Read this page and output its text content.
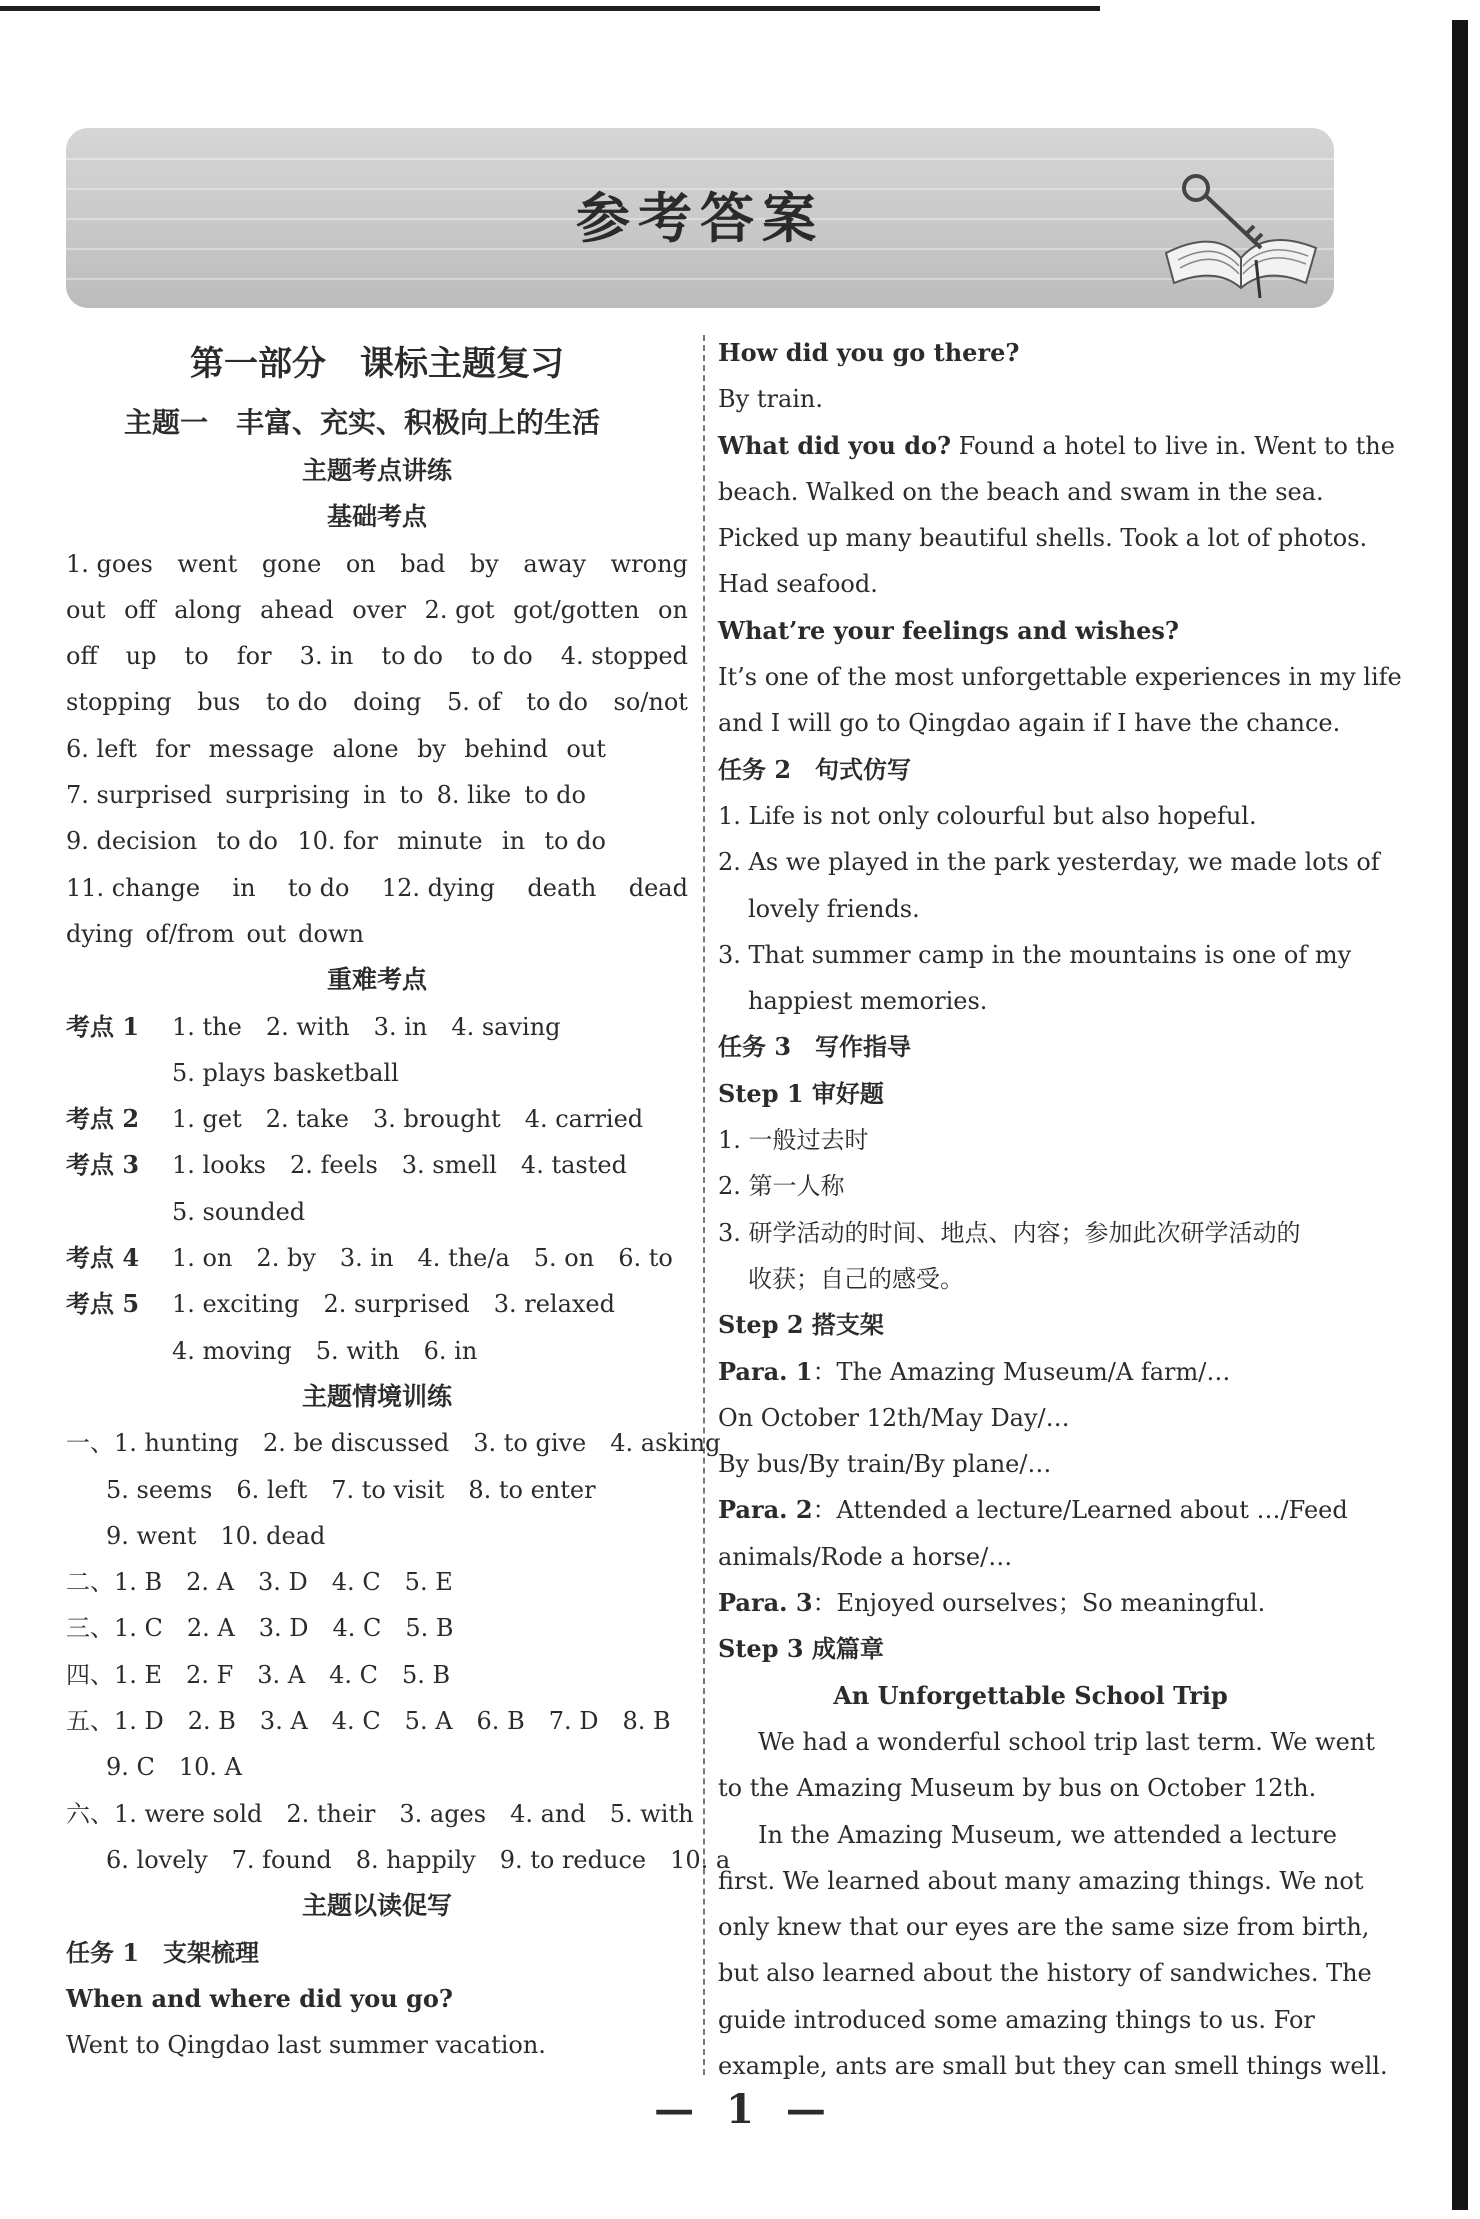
参考答案
第一部分　课标主题复习
主题一　丰富、充实、积极向上的生活
主题考点讲练
基础考点
1. goes went gone on bad by away wrong
out off along ahead over 2. got got/gotten on
off up to for 3. in to do to do 4. stopped
stopping bus to do doing 5. of to do so/not
6. left for message alone by behind out
7. surprised surprising in to 8. like to do
9. decision to do 10. for minute in to do
11. change in to do 12. dying death dead
dying of/from out down
重难考点
考点 1 1. the　2. with　3. in　4. saving
5. plays basketball
考点 2 1. get　2. take　3. brought　4. carried
考点 3 1. looks　2. feels　3. smell　4. tasted
5. sounded
考点 4 1. on　2. by　3. in　4. the/a　5. on　6. to
考点 5 1. exciting　2. surprised　3. relaxed
4. moving　5. with　6. in
主题情境训练
一、1. hunting　2. be discussed　3. to give　4. asking
5. seems　6. left　7. to visit　8. to enter
9. went　10. dead
二、1. B　2. A　3. D　4. C　5. E
三、1. C　2. A　3. D　4. C　5. B
四、1. E　2. F　3. A　4. C　5. B
五、1. D　2. B　3. A　4. C　5. A　6. B　7. D　8. B
9. C　10. A
六、1. were sold　2. their　3. ages　4. and　5. with
6. lovely　7. found　8. happily　9. to reduce　10. a
主题以读促写
任务 1　支架梳理
When and where did you go?
Went to Qingdao last summer vacation.
How did you go there?
By train.
What did you do? Found a hotel to live in. Went to the
beach. Walked on the beach and swam in the sea.
Picked up many beautiful shells. Took a lot of photos.
Had seafood.
What’re your feelings and wishes?
It’s one of the most unforgettable experiences in my life
and I will go to Qingdao again if I have the chance.
任务 2　句式仿写
1. Life is not only colourful but also hopeful.
2. As we played in the park yesterday, we made lots of
lovely friends.
3. That summer camp in the mountains is one of my
happiest memories.
任务 3　写作指导
Step 1 审好题
1. 一般过去时
2. 第一人称
3. 研学活动的时间、地点、内容；参加此次研学活动的
收获；自己的感受。
Step 2 搭支架
Para. 1：The Amazing Museum/A farm/…
On October 12th/May Day/…
By bus/By train/By plane/…
Para. 2：Attended a lecture/Learned about …/Feed
animals/Rode a horse/…
Para. 3：Enjoyed ourselves；So meaningful.
Step 3 成篇章
An Unforgettable School Trip
We had a wonderful school trip last term. We went
to the Amazing Museum by bus on October 12th.
In the Amazing Museum, we attended a lecture
first. We learned about many amazing things. We not
only knew that our eyes are the same size from birth,
but also learned about the history of sandwiches. The
guide introduced some amazing things to us. For
example, ants are small but they can smell things well.
— 1 —
